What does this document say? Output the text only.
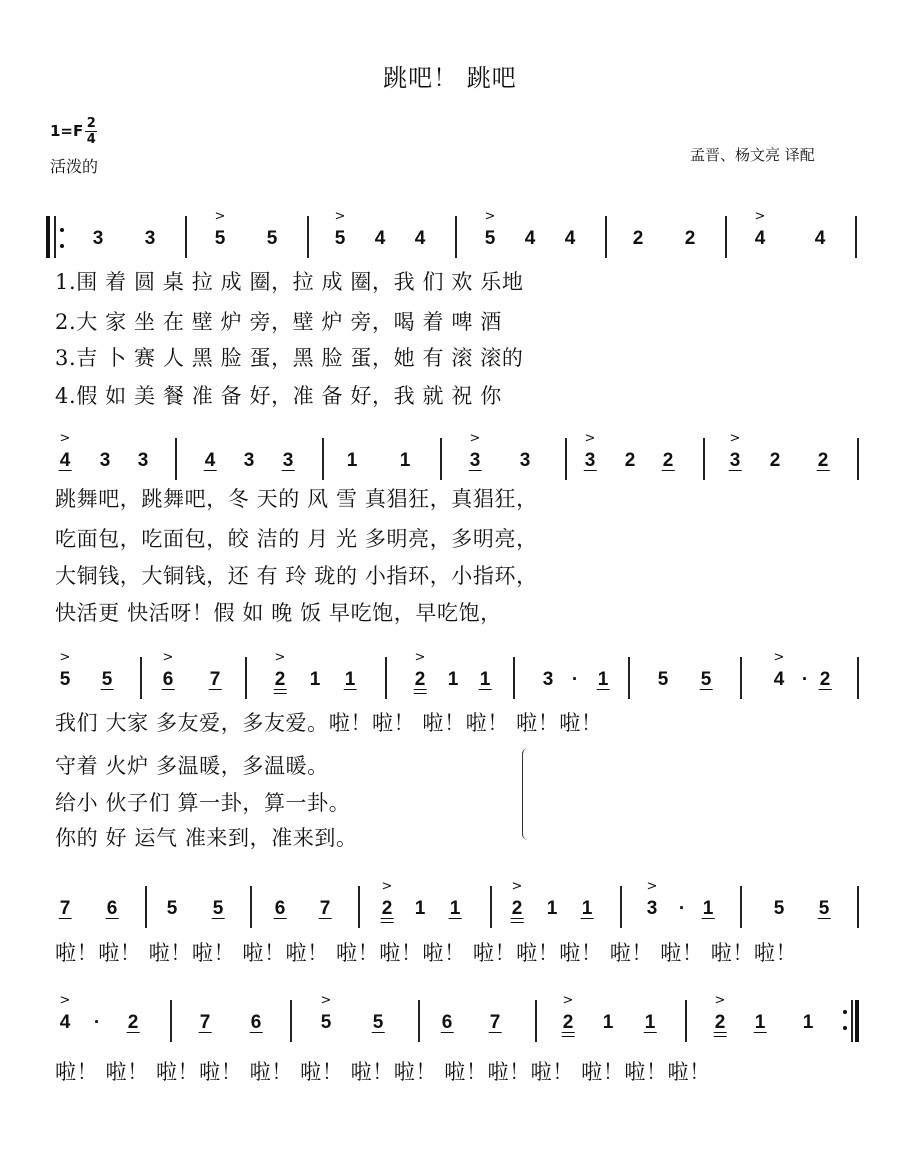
跳吧！ 跳吧
$1=F \frac{2}{4}$
活泼的
孟晋、杨文亮 译配
3 3	5
>
5	5
>
4 4	5
>
4 4	2 2	4
>
4
1.围 着 圆 桌 拉 成 圈，拉 成 圈，我 们 欢 乐地
2.大 家 坐 在 壁 炉 旁，壁 炉 旁，喝 着 啤 酒
3.吉 卜 赛 人 黑 脸 蛋，黑 脸 蛋，她 有 滚 滚的
4.假 如 美 餐 准 备 好，准 备 好，我 就 祝 你
4
>
3 3	4 3 3	1 1	3
>
3	3
>
2 2	3
>
2 2
跳舞吧，跳舞吧，冬 天的 风 雪 真猖狂，真猖狂，
吃面包，吃面包，皎 洁的 月 光 多明亮，多明亮，
大铜钱，大铜钱，还 有 玲 珑的 小指环，小指环，
快活更 快活呀！假 如 晚 饭 早吃饱，早吃饱，
5
>
5	6
>
7	2
>
1 1	2
>
1 1	3 · 1	5 5	4
>
· 2
我们 大家 多友爱，多友爱。啦！啦！ 啦！啦！ 啦！啦！
守着 火炉 多温暖，多温暖。
给小 伙子们 算一卦，算一卦。
你的 好 运气 准来到，准来到。
7 6	5 5	6 7	2
>
1 1	2
>
1 1	3
>
· 1	5 5
啦！啦！ 啦！啦！ 啦！啦！ 啦！啦！啦！ 啦！啦！啦！ 啦！ 啦！ 啦！啦！
4
>
· 2	7 6	5
>
5	6 7	2
>
1 1	2
>
1 1
啦！ 啦！ 啦！啦！ 啦！ 啦！ 啦！啦！ 啦！啦！啦！ 啦！啦！啦！
